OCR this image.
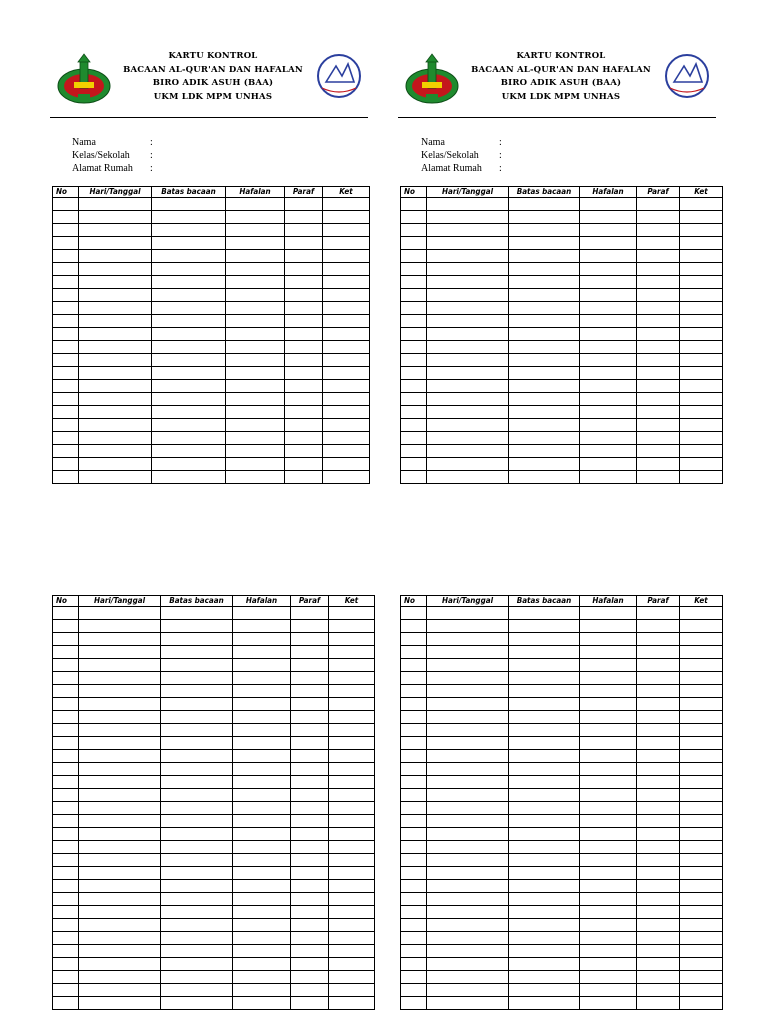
KARTU KONTROL
BACAAN AL-QUR'AN DAN HAFALAN
BIRO ADIK ASUH (BAA)
UKM LDK MPM UNHAS
KARTU KONTROL
BACAAN AL-QUR'AN DAN HAFALAN
BIRO ADIK ASUH (BAA)
UKM LDK MPM UNHAS
Nama	:
Kelas/Sekolah :
Alamat Rumah :
Nama	:
Kelas/Sekolah :
Alamat Rumah :
No	Hari/Tanggal	Batas bacaan	Hafalan	Paraf	Ket

						No	Hari/Tanggal	Batas bacaan	Hafalan	Paraf	Ket

No	Hari/Tanggal	Batas bacaan	Hafalan	Paraf	Ket

						No	Hari/Tanggal	Batas bacaan	Hafalan	Paraf	Ket
